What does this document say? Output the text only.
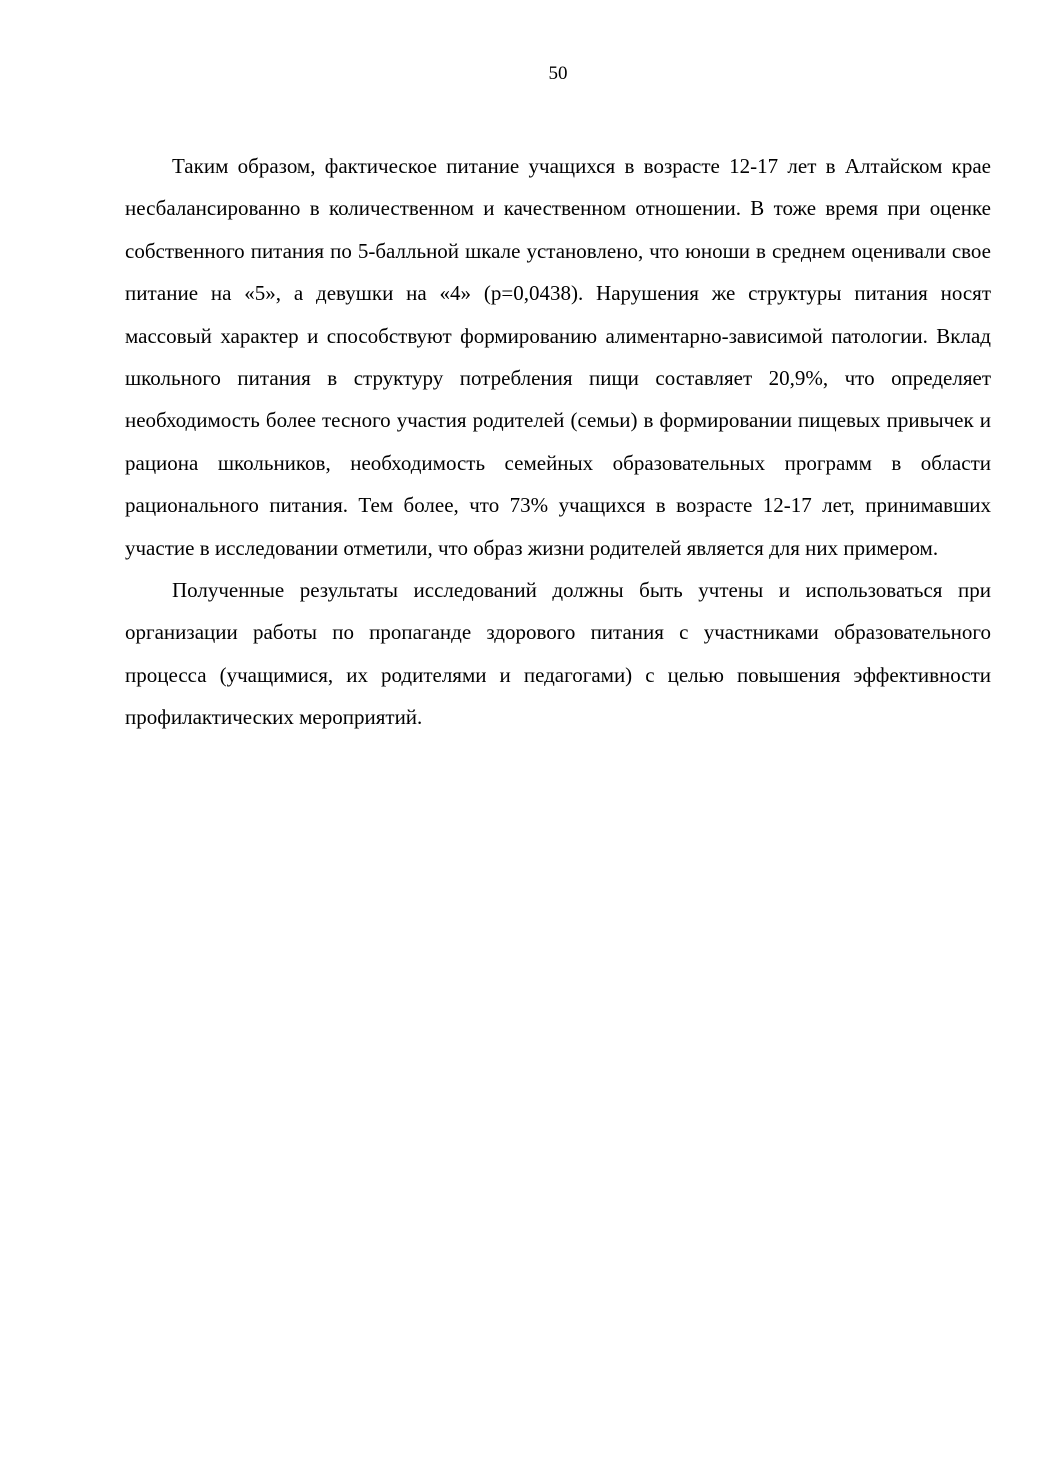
50

Таким образом, фактическое питание учащихся в возрасте 12-17 лет в Алтайском крае несбалансированно в количественном и качественном отношении. В тоже время при оценке собственного питания по 5-балльной шкале установлено, что юноши в среднем оценивали свое питание на «5», а девушки на «4» (р=0,0438). Нарушения же структуры питания носят массовый характер и способствуют формированию алиментарно-зависимой патологии. Вклад школьного питания в структуру потребления пищи составляет 20,9%, что определяет необходимость более тесного участия родителей (семьи) в формировании пищевых привычек и рациона школьников, необходимость семейных образовательных программ в области рационального питания. Тем более, что 73% учащихся в возрасте 12-17 лет, принимавших участие в исследовании отметили, что образ жизни родителей является для них примером.

Полученные результаты исследований должны быть учтены и использоваться при организации работы по пропаганде здорового питания с участниками образовательного процесса (учащимися, их родителями и педагогами) с целью повышения эффективности профилактических мероприятий.
